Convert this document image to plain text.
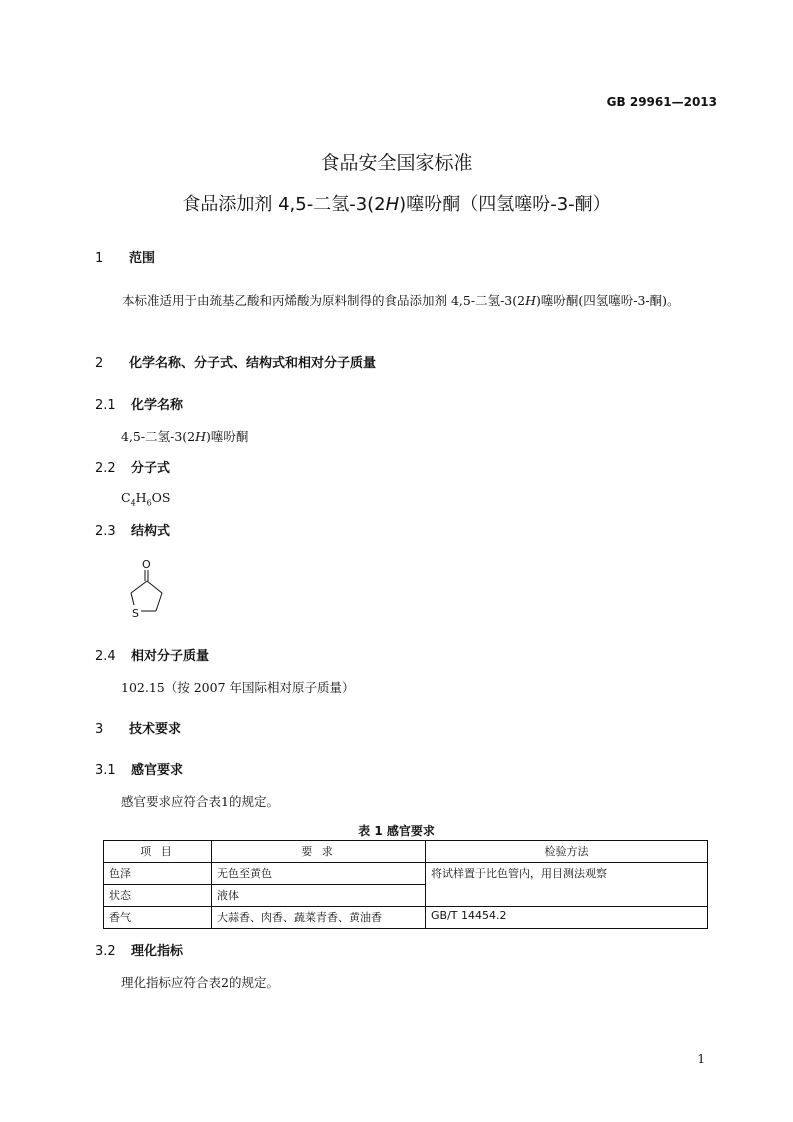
GB 29961—2013
食品安全国家标准
食品添加剂 4,5-二氢-3(2H)噻吩酮（四氢噻吩-3-酮）
1 范围
本标准适用于由巯基乙酸和丙烯酸为原料制得的食品添加剂 4,5-二氢-3(2H)噻吩酮(四氢噻吩-3-酮)。
2 化学名称、分子式、结构式和相对分子质量
2.1 化学名称
4,5-二氢-3(2H)噻吩酮
2.2 分子式
$C_4H_6OS$
2.3 结构式
O
S
2.4 相对分子质量
102.15（按 2007 年国际相对原子质量）
3 技术要求
3.1 感官要求
感官要求应符合表1的规定。
表 1 感官要求
项 目	要 求	检验方法
色泽	无色至黄色	将试样置于比色管内，用目测法观察
状态	液体	
香气	大蒜香、肉香、蔬菜青香、黄油香	GB/T 14454.2
3.2 理化指标
理化指标应符合表2的规定。
1
